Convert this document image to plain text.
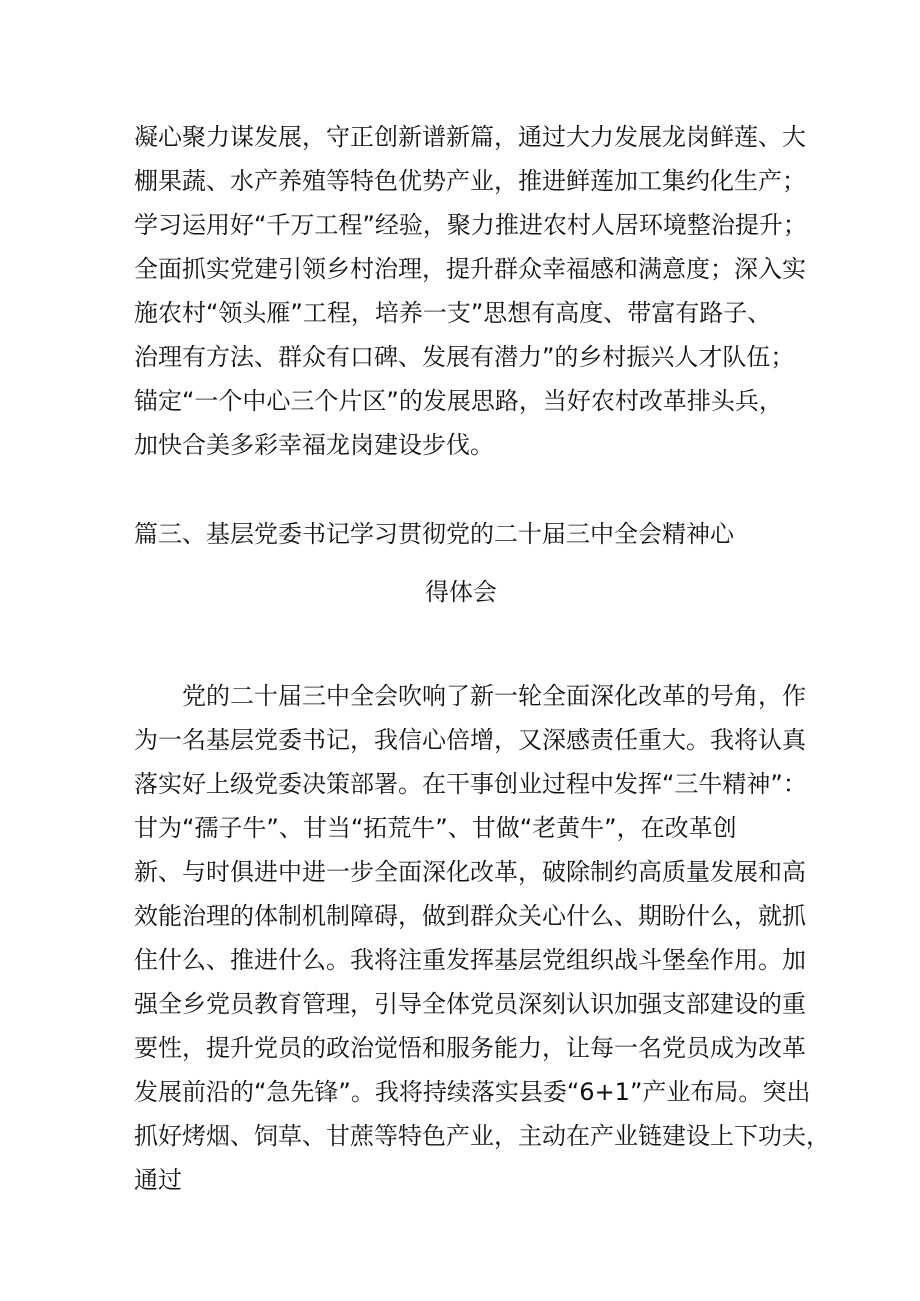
凝心聚力谋发展，守正创新谱新篇，通过大力发展龙岗鲜莲、大
棚果蔬、水产养殖等特色优势产业，推进鲜莲加工集约化生产；
学习运用好“千万工程”经验，聚力推进农村人居环境整治提升；
全面抓实党建引领乡村治理，提升群众幸福感和满意度；深入实
施农村“领头雁”工程，培养一支”思想有高度、带富有路子、
治理有方法、群众有口碑、发展有潜力”的乡村振兴人才队伍；
锚定“一个中心三个片区”的发展思路，当好农村改革排头兵，
加快合美多彩幸福龙岗建设步伐。
篇三、基层党委书记学习贯彻党的二十届三中全会精神心
得体会
党的二十届三中全会吹响了新一轮全面深化改革的号角，作
为一名基层党委书记，我信心倍增，又深感责任重大。我将认真
落实好上级党委决策部署。在干事创业过程中发挥“三牛精神”：
甘为“孺子牛”、甘当“拓荒牛”、甘做“老黄牛”，在改革创
新、与时俱进中进一步全面深化改革，破除制约高质量发展和高
效能治理的体制机制障碍，做到群众关心什么、期盼什么，就抓
住什么、推进什么。我将注重发挥基层党组织战斗堡垒作用。加
强全乡党员教育管理，引导全体党员深刻认识加强支部建设的重
要性，提升党员的政治觉悟和服务能力，让每一名党员成为改革
发展前沿的“急先锋”。我将持续落实县委“6+1”产业布局。突出
抓好烤烟、饲草、甘蔗等特色产业，主动在产业链建设上下功夫，
通过
